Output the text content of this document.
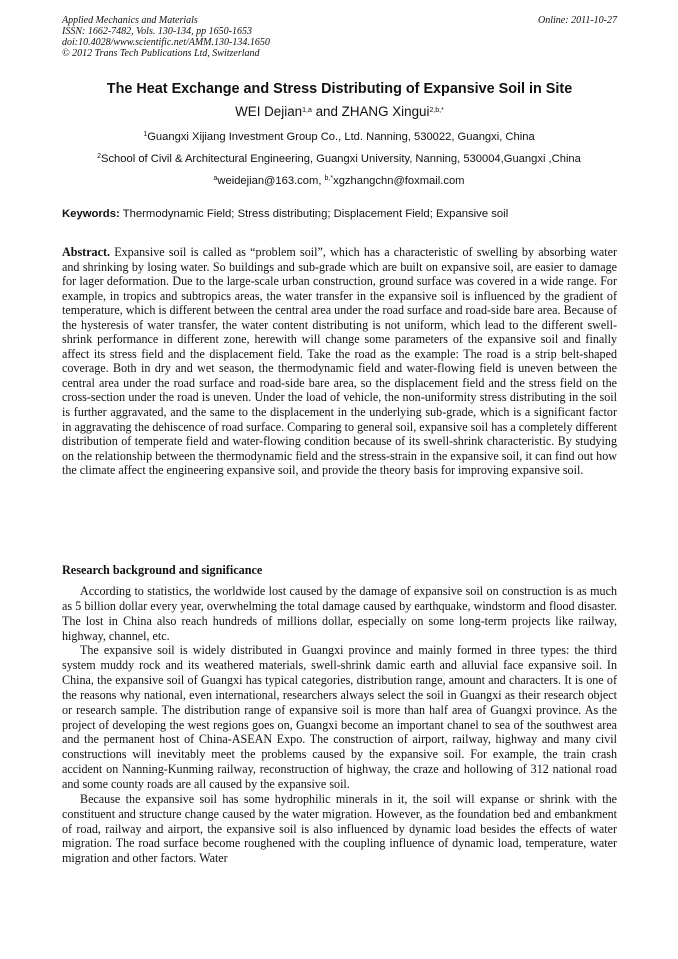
Applied Mechanics and Materials
ISSN: 1662-7482, Vols. 130-134, pp 1650-1653
doi:10.4028/www.scientific.net/AMM.130-134.1650
© 2012 Trans Tech Publications Ltd, Switzerland
Online: 2011-10-27
The Heat Exchange and Stress Distributing of Expansive Soil in Site
WEI Dejian$^{1,a}$ and ZHANG Xingui$^{2,b,*}$
$^1$Guangxi Xijiang Investment Group Co., Ltd. Nanning, 530022, Guangxi, China
$^2$School of Civil & Architectural Engineering, Guangxi University, Nanning, 530004,Guangxi ,China
$^a$weidejian@163.com, $^{b,*}$xgzhangchn@foxmail.com
Keywords: Thermodynamic Field; Stress distributing; Displacement Field; Expansive soil

Abstract. Expansive soil is called as “problem soil”, which has a characteristic of swelling by absorbing water and shrinking by losing water. So buildings and sub-grade which are built on expansive soil, are easier to damage for lager deformation. Due to the large-scale urban construction, ground surface was covered in a wide range. For example, in tropics and subtropics areas, the water transfer in the expansive soil is influenced by the gradient of temperature, which is different between the central area under the road surface and road-side bare area. Because of the hysteresis of water transfer, the water content distributing is not uniform, which lead to the different swell-shrink performance in different zone, herewith will change some parameters of the expansive soil and finally affect its stress field and the displacement field. Take the road as the example: The road is a strip belt-shaped coverage. Both in dry and wet season, the thermodynamic field and water-flowing field is uneven between the central area under the road surface and road-side bare area, so the displacement field and the stress field on the cross-section under the road is uneven. Under the load of vehicle, the non-uniformity stress distributing in the soil is further aggravated, and the same to the displacement in the underlying sub-grade, which is a significant factor in aggravating the dehiscence of road surface. Comparing to general soil, expansive soil has a completely different distribution of temperate field and water-flowing condition because of its swell-shrink characteristic. By studying on the relationship between the thermodynamic field and the stress-strain in the expansive soil, it can find out how the climate affect the engineering expansive soil, and provide the theory basis for improving expansive soil.

Research background and significance

According to statistics, the worldwide lost caused by the damage of expansive soil on construction is as much as 5 billion dollar every year, overwhelming the total damage caused by earthquake, windstorm and flood disaster. The lost in China also reach hundreds of millions dollar, especially on some long-term projects like railway, highway, channel, etc.

The expansive soil is widely distributed in Guangxi province and mainly formed in three types: the third system muddy rock and its weathered materials, swell-shrink damic earth and alluvial face expansive soil. In China, the expansive soil of Guangxi has typical categories, distribution range, amount and characters. It is one of the reasons why national, even international, researchers always select the soil in Guangxi as their research object or research sample. The distribution range of expansive soil is more than half area of Guangxi province. As the project of developing the west regions goes on, Guangxi become an important chanel to sea of the southwest area and the permanent host of China-ASEAN Expo. The construction of airport, railway, highway and many civil constructions will inevitably meet the problems caused by the expansive soil. For example, the train crash accident on Nanning-Kunming railway, reconstruction of highway, the craze and hollowing of 312 national road and some county roads are all caused by the expansive soil.

Because the expansive soil has some hydrophilic minerals in it, the soil will expanse or shrink with the constituent and structure change caused by the water migration. However, as the foundation bed and embankment of road, railway and airport, the expansive soil is also influenced by dynamic load besides the effects of water migration. The road surface become roughened with the coupling influence of dynamic load, temperature, water migration and other factors. Water
